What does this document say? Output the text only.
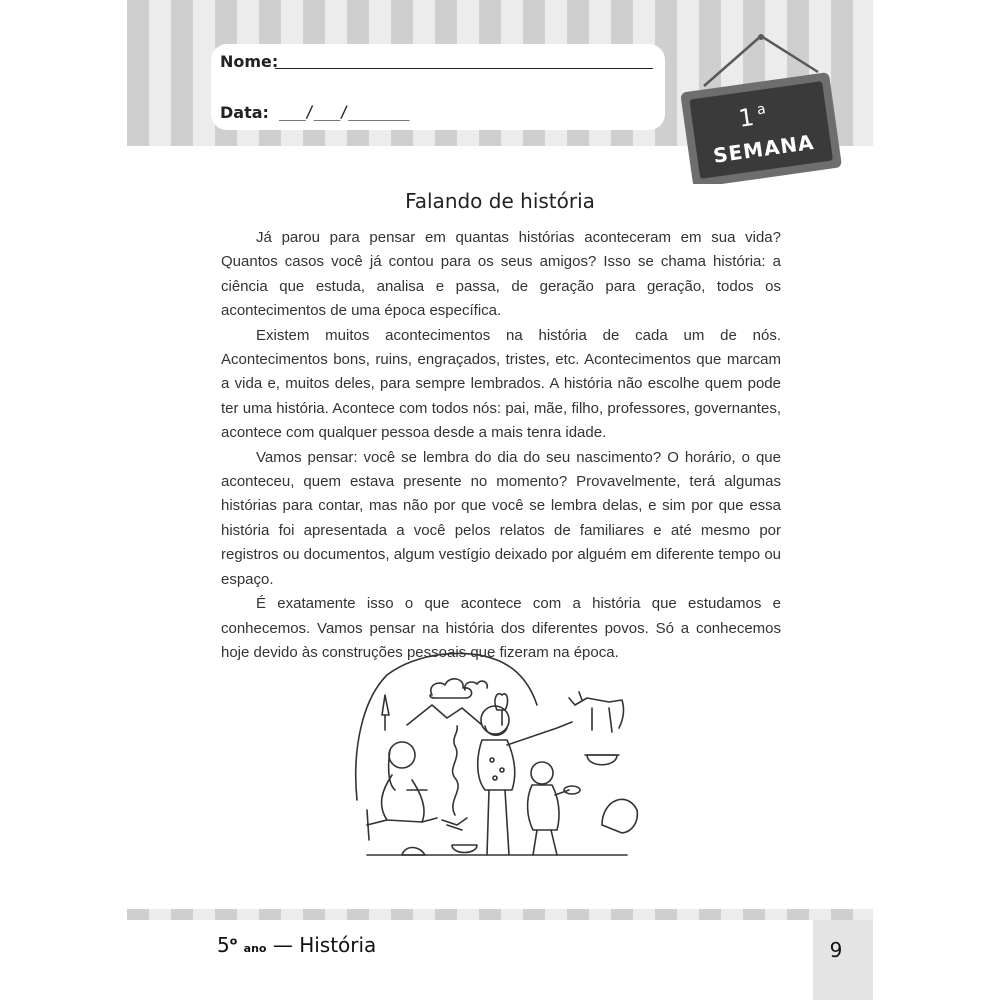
Nome:
Data: ___/___/_______	1 a
SEMANA
Falando de história

Já parou para pensar em quantas histórias aconteceram em sua vida? Quantos casos você já contou para os seus amigos? Isso se chama história: a ciência que estuda, analisa e passa, de geração para geração, todos os acontecimentos de uma época específica.

Existem muitos acontecimentos na história de cada um de nós. Acontecimentos bons, ruins, engraçados, tristes, etc. Acontecimentos que marcam a vida e, muitos deles, para sempre lembrados. A história não escolhe quem pode ter uma história. Acontece com todos nós: pai, mãe, filho, professores, governantes, acontece com qualquer pessoa desde a mais tenra idade.

Vamos pensar: você se lembra do dia do seu nascimento? O horário, o que aconteceu, quem estava presente no momento? Provavelmente, terá algumas histórias para contar, mas não por que você se lembra delas, e sim por que essa história foi apresentada a você pelos relatos de familiares e até mesmo por registros ou documentos, algum vestígio deixado por alguém em diferente tempo ou espaço.

É exatamente isso o que acontece com a história que estudamos e conhecemos. Vamos pensar na história dos diferentes povos. Só a conhecemos hoje devido às construções pessoais que fizeram na época.

5$^o$ ano — História	9
